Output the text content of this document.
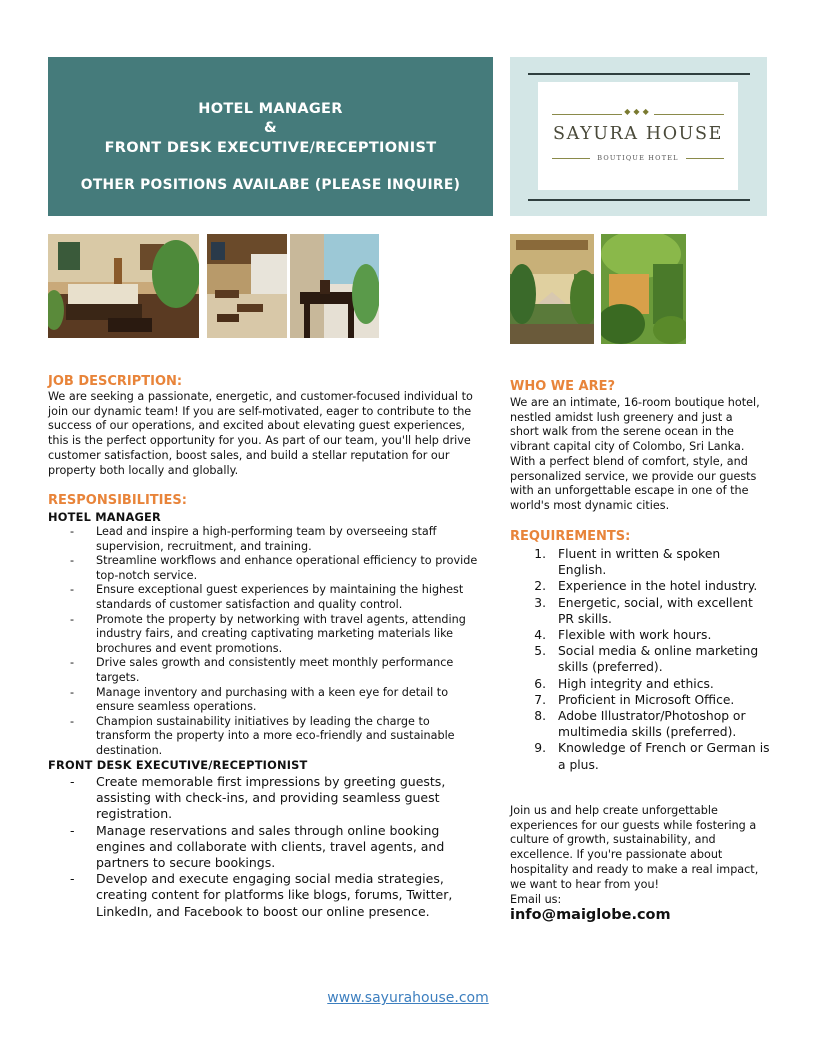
HOTEL MANAGER
&
FRONT DESK EXECUTIVE/RECEPTIONIST
OTHER POSITIONS AVAILABE (PLEASE INQUIRE)
◆◆◆
SAYURA HOUSE
BOUTIQUE HOTEL
JOB DESCRIPTION:
We are seeking a passionate, energetic, and customer-focused individual to join our dynamic team! If you are self-motivated, eager to contribute to the success of our operations, and excited about elevating guest experiences, this is the perfect opportunity for you. As part of our team, you'll help drive customer satisfaction, boost sales, and build a stellar reputation for our property both locally and globally.
RESPONSIBILITIES:
HOTEL MANAGER
- Lead and inspire a high-performing team by overseeing staff supervision, recruitment, and training.
- Streamline workflows and enhance operational efficiency to provide top-notch service.
- Ensure exceptional guest experiences by maintaining the highest standards of customer satisfaction and quality control.
- Promote the property by networking with travel agents, attending industry fairs, and creating captivating marketing materials like brochures and event promotions.
- Drive sales growth and consistently meet monthly performance targets.
- Manage inventory and purchasing with a keen eye for detail to ensure seamless operations.
- Champion sustainability initiatives by leading the charge to transform the property into a more eco-friendly and sustainable destination.
FRONT DESK EXECUTIVE/RECEPTIONIST
- Create memorable first impressions by greeting guests, assisting with check-ins, and providing seamless guest registration.
- Manage reservations and sales through online booking engines and collaborate with clients, travel agents, and partners to secure bookings.
- Develop and execute engaging social media strategies, creating content for platforms like blogs, forums, Twitter, LinkedIn, and Facebook to boost our online presence.
WHO WE ARE?
We are an intimate, 16-room boutique hotel, nestled amidst lush greenery and just a short walk from the serene ocean in the vibrant capital city of Colombo, Sri Lanka. With a perfect blend of comfort, style, and personalized service, we provide our guests with an unforgettable escape in one of the world's most dynamic cities.
REQUIREMENTS:
1. Fluent in written & spoken English.
2. Experience in the hotel industry.
3. Energetic, social, with excellent PR skills.
4. Flexible with work hours.
5. Social media & online marketing skills (preferred).
6. High integrity and ethics.
7. Proficient in Microsoft Office.
8. Adobe Illustrator/Photoshop or multimedia skills (preferred).
9. Knowledge of French or German is a plus.
Join us and help create unforgettable experiences for our guests while fostering a culture of growth, sustainability, and excellence. If you're passionate about hospitality and ready to make a real impact, we want to hear from you!
Email us:
info@maiglobe.com
www.sayurahouse.com
